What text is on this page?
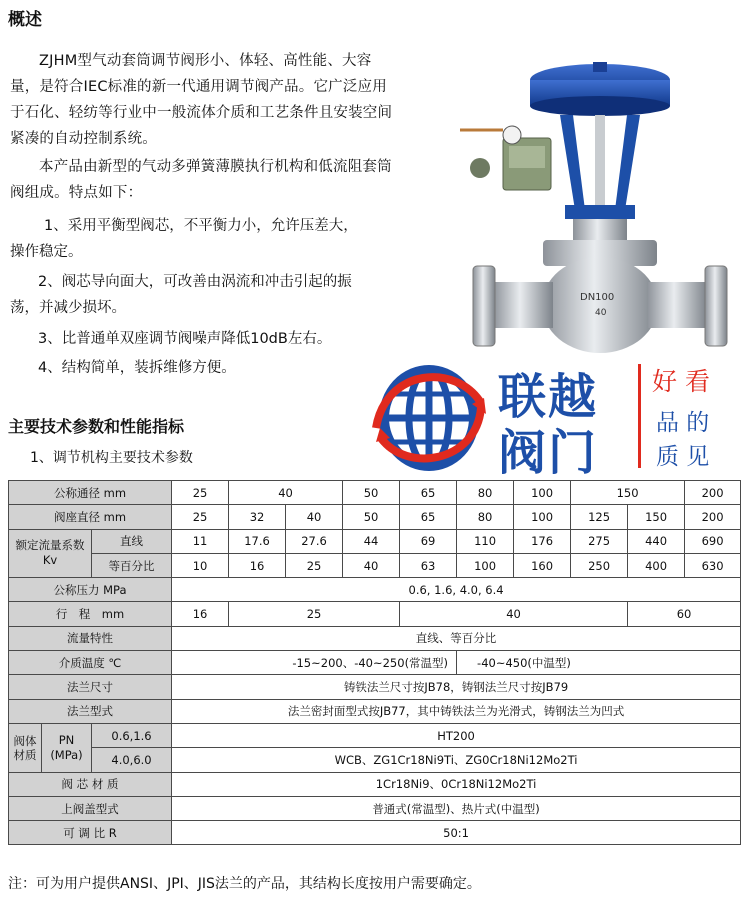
概述
ZJHM型气动套筒调节阀形小、体轻、高性能、大容量，是符合IEC标准的新一代通用调节阀产品。它广泛应用于石化、轻纺等行业中一般流体介质和工艺条件且安装空间紧凑的自动控制系统。
本产品由新型的气动多弹簧薄膜执行机构和低流阻套筒阀组成。特点如下：
1、采用平衡型阀芯，不平衡力小，允许压差大，
操作稳定。
2、阀芯导向面大，可改善由涡流和冲击引起的振
荡，并减少损坏。
3、比普通单双座调节阀噪声降低10dB左右。
4、结构简单，装拆维修方便。
DN100
40
联越
阀门
好 看
品 的
质 见
主要技术参数和性能指标
1、调节机构主要技术参数
公称通径 mm			25	40		50	65	80	100	150		200
阀座直径 mm			25	32	40	50	65	80	100	125	150	200
额定流量系数Kv		直线	11	17.6	27.6	44	69	110	176	275	440	690
		等百分比	10	16	25	40	63	100	160	250	400	630
公称压力 MPa			0.6, 1.6, 4.0, 6.4									
行　程　mm			16	25			40				60	
流量特性			直线、等百分比									
介质温度 ℃			-15~200、-40~250(常温型)					-40~450(中温型)				
法兰尺寸			铸铁法兰尺寸按JB78，铸钢法兰尺寸按JB79									
法兰型式			法兰密封面型式按JB77，其中铸铁法兰为光滑式，铸钢法兰为凹式									
阀体材质	PN (MPa)	0.6,1.6	HT200									
		4.0,6.0	WCB、ZG1Cr18Ni9Ti、ZG0Cr18Ni12Mo2Ti									
阀 芯 材 质			1Cr18Ni9、0Cr18Ni12Mo2Ti									
上阀盖型式			普通式(常温型)、热片式(中温型)									
可 调 比 R			50:1									
注：可为用户提供ANSI、JPI、JIS法兰的产品，其结构长度按用户需要确定。
